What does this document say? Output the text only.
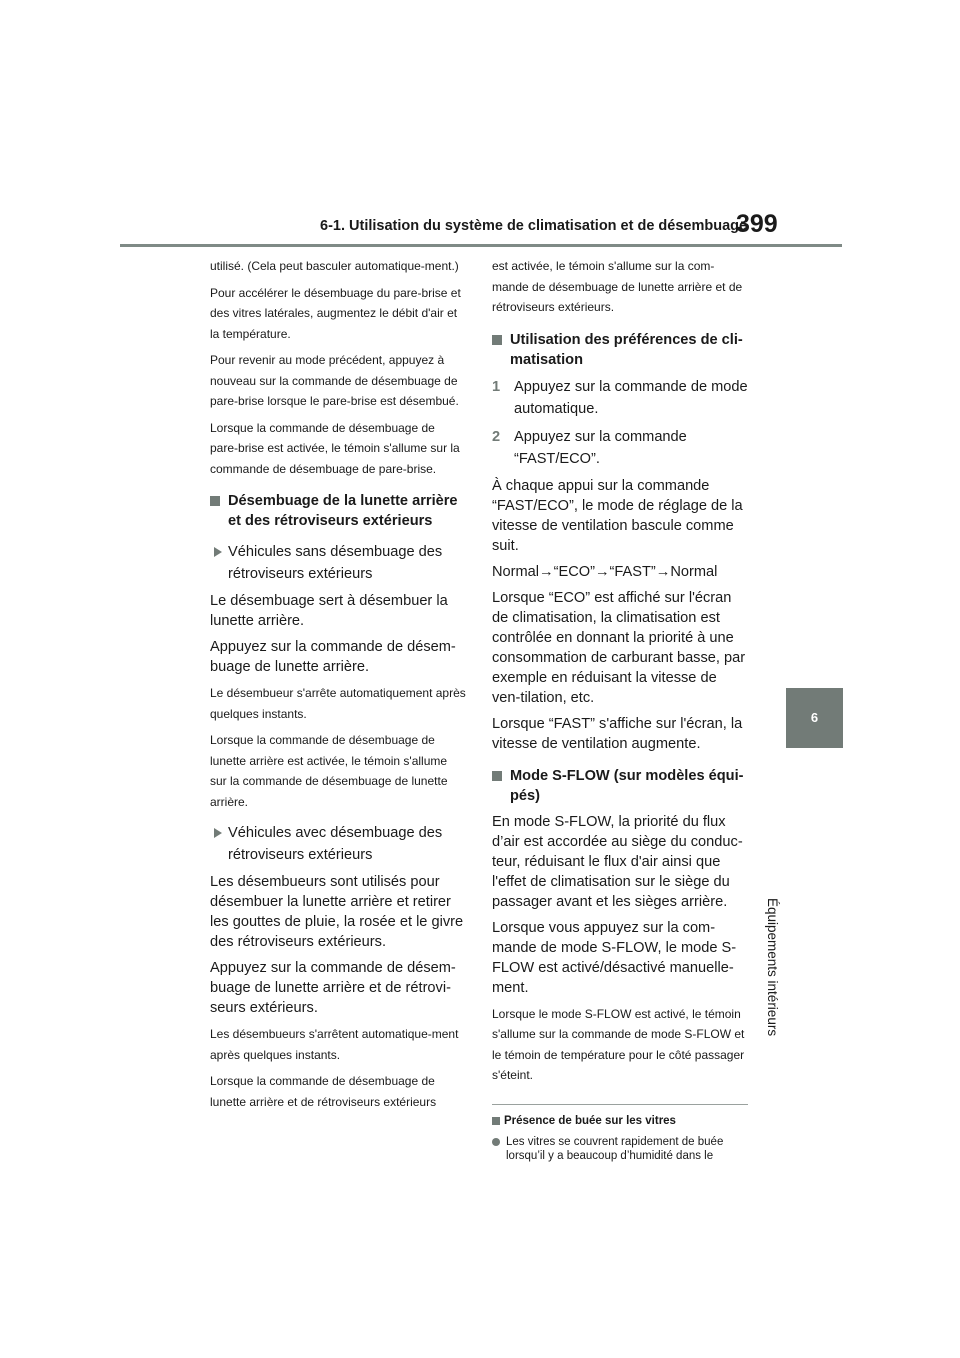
6-1. Utilisation du système de climatisation et de désembuage
399
6
Équipements intérieurs

utilisé. (Cela peut basculer automatique-ment.)

Pour accélérer le désembuage du pare-brise et des vitres latérales, augmentez le débit d'air et la température.

Pour revenir au mode précédent, appuyez à nouveau sur la commande de désembuage de pare-brise lorsque le pare-brise est désembué.

Lorsque la commande de désembuage de pare-brise est activée, le témoin s'allume sur la commande de désembuage de pare-brise.

Désembuage de la lunette arrière et des rétroviseurs extérieurs
Véhicules sans désembuage des rétroviseurs extérieurs

Le désembuage sert à désembuer la lunette arrière.

Appuyez sur la commande de désem-buage de lunette arrière.

Le désembueur s'arrête automatiquement après quelques instants.

Lorsque la commande de désembuage de lunette arrière est activée, le témoin s'allume sur la commande de désembuage de lunette arrière.

Véhicules avec désembuage des rétroviseurs extérieurs

Les désembueurs sont utilisés pour désembuer la lunette arrière et retirer les gouttes de pluie, la rosée et le givre des rétroviseurs extérieurs.

Appuyez sur la commande de désem-buage de lunette arrière et de rétrovi-seurs extérieurs.

Les désembueurs s'arrêtent automatique-ment après quelques instants.

Lorsque la commande de désembuage de lunette arrière et de rétroviseurs extérieurs

est activée, le témoin s'allume sur la com-mande de désembuage de lunette arrière et de rétroviseurs extérieurs.

Utilisation des préférences de cli-matisation
1 Appuyez sur la commande de mode automatique.
2 Appuyez sur la commande “FAST/ECO”.

À chaque appui sur la commande “FAST/ECO”, le mode de réglage de la vitesse de ventilation bascule comme suit.

Normal→“ECO”→“FAST”→Normal

Lorsque “ECO” est affiché sur l'écran de climatisation, la climatisation est contrôlée en donnant la priorité à une consommation de carburant basse, par exemple en réduisant la vitesse de ven-tilation, etc.

Lorsque “FAST” s'affiche sur l'écran, la vitesse de ventilation augmente.

Mode S-FLOW (sur modèles équi-pés)

En mode S-FLOW, la priorité du flux d’air est accordée au siège du conduc-teur, réduisant le flux d'air ainsi que l'effet de climatisation sur le siège du passager avant et les sièges arrière.

Lorsque vous appuyez sur la com-mande de mode S-FLOW, le mode S-FLOW est activé/désactivé manuelle-ment.

Lorsque le mode S-FLOW est activé, le témoin s'allume sur la commande de mode S-FLOW et le témoin de température pour le côté passager s'éteint.

Présence de buée sur les vitres

Les vitres se couvrent rapidement de buée lorsqu’il y a beaucoup d’humidité dans le
